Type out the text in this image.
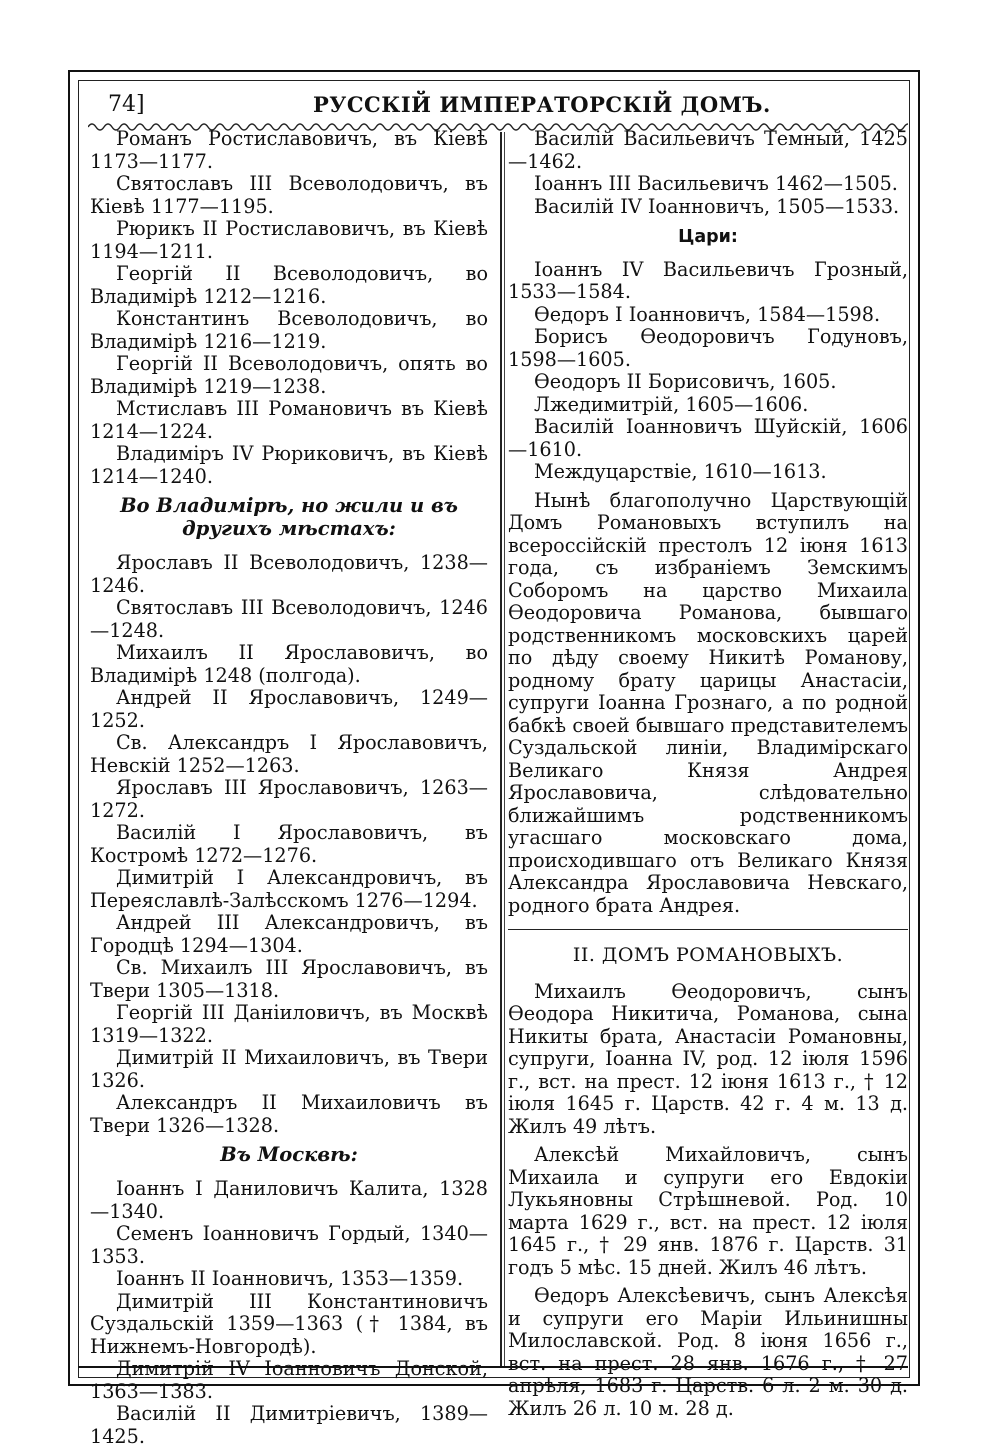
74]	РУССКІЙ ИМПЕРАТОРСКІЙ ДОМЪ.

Романъ Ростиславовичъ, въ Кіевѣ 1173—1177.

Святославъ III Всеволодовичъ, въ Кіевѣ 1177—1195.

Рюрикъ II Ростиславовичъ, въ Кіевѣ 1194—1211.

Георгій II Всеволодовичъ, во Владимірѣ 1212—1216.

Константинъ Всеволодовичъ, во Владимірѣ 1216—1219.

Георгій II Всеволодовичъ, опять во Владимірѣ 1219—1238.

Мстиславъ III Романовичъ въ Кіевѣ 1214—1224.

Владиміръ IV Рюриковичъ, въ Кіевѣ 1214—1240.

Во Владимірѣ, но жили и въ другихъ мѣстахъ:

Ярославъ II Всеволодовичъ, 1238—1246.

Святославъ III Всеволодовичъ, 1246—1248.

Михаилъ II Ярославовичъ, во Владимірѣ 1248 (полгода).

Андрей II Ярославовичъ, 1249—1252.

Св. Александръ I Ярославовичъ, Невскій 1252—1263.

Ярославъ III Ярославовичъ, 1263—1272.

Василій I Ярославовичъ, въ Костромѣ 1272—1276.

Димитрій I Александровичъ, въ Переяславлѣ-Залѣсскомъ 1276—1294.

Андрей III Александровичъ, въ Городцѣ 1294—1304.

Св. Михаилъ III Ярославовичъ, въ Твери 1305—1318.

Георгій III Даніиловичъ, въ Москвѣ 1319—1322.

Димитрій II Михаиловичъ, въ Твери 1326.

Александръ II Михаиловичъ въ Твери 1326—1328.

Въ Москвѣ:

Іоаннъ I Даниловичъ Калита, 1328—1340.

Семенъ Іоанновичъ Гордый, 1340—1353.

Іоаннъ II Іоанновичъ, 1353—1359.

Димитрій III Константиновичъ Суздальскій 1359—1363 († 1384, въ Нижнемъ-Новгородѣ).

Димитрій IV Іоанновичъ Донской, 1363—1383.

Василій II Димитріевичъ, 1389—1425.

Василій Васильевичъ Темный, 1425—1462.

Іоаннъ III Васильевичъ 1462—1505.

Василій IV Іоанновичъ, 1505—1533.

Цари:

Іоаннъ IV Васильевичъ Грозный, 1533—1584.

Ѳедоръ I Іоанновичъ, 1584—1598.

Борисъ Ѳеодоровичъ Годуновъ, 1598—1605.

Ѳеодоръ II Борисовичъ, 1605.

Лжедимитрій, 1605—1606.

Василій Іоанновичъ Шуйскій, 1606—1610.

Междуцарствіе, 1610—1613.

Нынѣ благополучно Царствующій Домъ Романовыхъ вступилъ на всероссійскій престолъ 12 іюня 1613 года, съ избраніемъ Земскимъ Соборомъ на царство Михаила Ѳеодоровича Романова, бывшаго родственникомъ московскихъ царей по дѣду своему Никитѣ Романову, родному брату царицы Анастасіи, супруги Іоанна Грознаго, а по родной бабкѣ своей бывшаго представителемъ Суздальской линіи, Владимірскаго Великаго Князя Андрея Ярославовича, слѣдовательно ближайшимъ родственникомъ угасшаго московскаго дома, происходившаго отъ Великаго Князя Александра Ярославовича Невскаго, родного брата Андрея.

II. ДОМЪ РОМАНОВЫХЪ.

Михаилъ Ѳеодоровичъ, сынъ Ѳеодора Никитича, Романова, сына Никиты брата, Анастасіи Романовны, супруги, Іоанна IV, род. 12 іюля 1596 г., вст. на прест. 12 іюня 1613 г., † 12 іюля 1645 г. Царств. 42 г. 4 м. 13 д. Жилъ 49 лѣтъ.

Алексѣй Михайловичъ, сынъ Михаила и супруги его Евдокіи Лукьяновны Стрѣшневой. Род. 10 марта 1629 г., вст. на прест. 12 іюля 1645 г., † 29 янв. 1876 г. Царств. 31 годъ 5 мѣс. 15 дней. Жилъ 46 лѣтъ.

Ѳедоръ Алексѣевичъ, сынъ Алексѣя и супруги его Маріи Ильинишны Милославской. Род. 8 іюня 1656 г., вст. на прест. 28 янв. 1676 г., † 27 апрѣля, 1683 г. Царств. 6 л. 2 м. 30 д. Жилъ 26 л. 10 м. 28 д.
